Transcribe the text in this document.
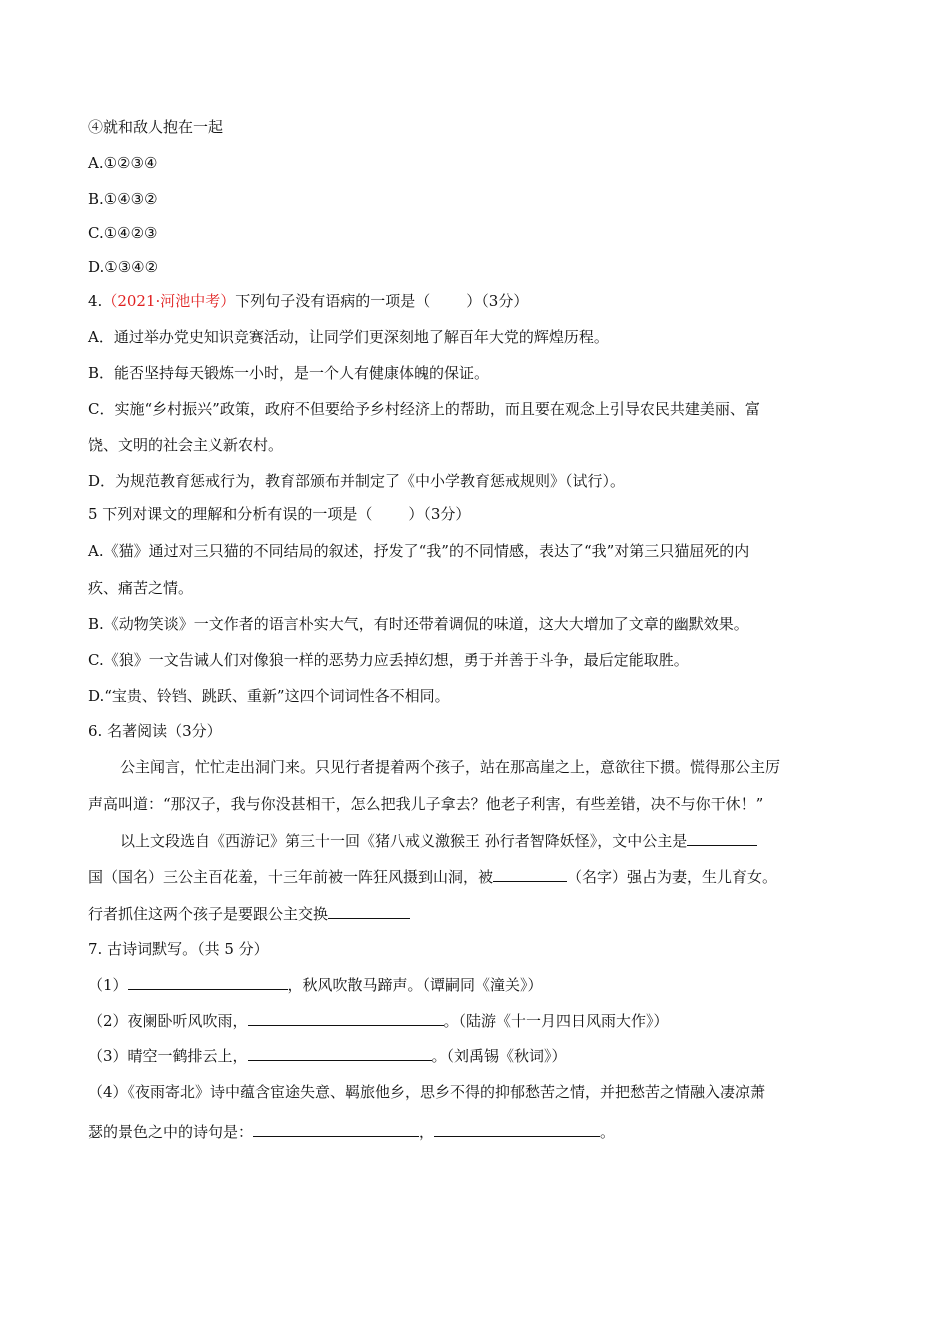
④就和敌人抱在一起
A.①②③④
B.①④③②
C.①④②③
D.①③④②
4.（2021·河池中考）下列句子没有语病的一项是（ ）（3分）
A．通过举办党史知识竞赛活动，让同学们更深刻地了解百年大党的辉煌历程。
B．能否坚持每天锻炼一小时，是一个人有健康体魄的保证。
C．实施“乡村振兴”政策，政府不但要给予乡村经济上的帮助，而且要在观念上引导农民共建美丽、富
饶、文明的社会主义新农村。
D．为规范教育惩戒行为，教育部颁布并制定了《中小学教育惩戒规则》（试行）。
5 下列对课文的理解和分析有误的一项是（ ）（3分）
A.《猫》通过对三只猫的不同结局的叙述，抒发了“我”的不同情感，表达了“我”对第三只猫屈死的内
疚、痛苦之情。
B.《动物笑谈》一文作者的语言朴实大气，有时还带着调侃的味道，这大大增加了文章的幽默效果。
C.《狼》一文告诫人们对像狼一样的恶势力应丢掉幻想，勇于并善于斗争，最后定能取胜。
D.“宝贵、铃铛、跳跃、重新”这四个词词性各不相同。
6. 名著阅读（3分）
公主闻言，忙忙走出洞门来。只见行者提着两个孩子，站在那高崖之上，意欲往下掼。慌得那公主厉
声高叫道：“那汉子，我与你没甚相干，怎么把我儿子拿去？他老子利害，有些差错，决不与你干休！”
以上文段选自《西游记》第三十一回《猪八戒义激猴王 孙行者智降妖怪》，文中公主是
国（国名）三公主百花羞，十三年前被一阵狂风摄到山洞，被	（名字）强占为妻，生儿育女。
行者抓住这两个孩子是要跟公主交换
7. 古诗词默写。（共 5 分）
（1）	，秋风吹散马蹄声。（谭嗣同《潼关》）
（2）夜阑卧听风吹雨，	。（陆游《十一月四日风雨大作》）
（3）晴空一鹤排云上，	。（刘禹锡《秋词》）
（4）《夜雨寄北》诗中蕴含宦途失意、羁旅他乡，思乡不得的抑郁愁苦之情，并把愁苦之情融入凄凉萧
瑟的景色之中的诗句是：	，	。
